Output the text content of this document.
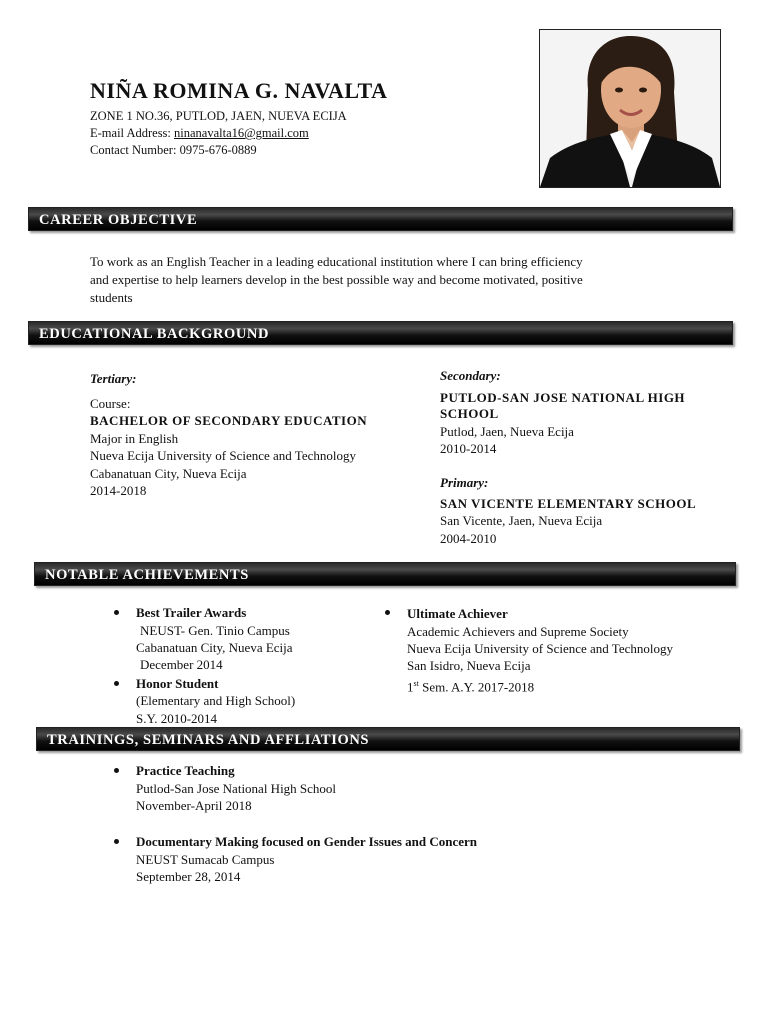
NIÑA ROMINA G. NAVALTA
ZONE 1 NO.36, PUTLOD, JAEN, NUEVA ECIJA
E-mail Address: ninanavalta16@gmail.com
Contact Number: 0975-676-0889
CAREER OBJECTIVE
To work as an English Teacher in a leading educational institution where I can bring efficiency
and expertise to help learners develop in the best possible way and become motivated, positive
students
EDUCATIONAL BACKGROUND
Tertiary:
Course:
BACHELOR OF SECONDARY EDUCATION
Major in English
Nueva Ecija University of Science and Technology
Cabanatuan City, Nueva Ecija
2014-2018
Secondary:
PUTLOD-SAN JOSE NATIONAL HIGH
SCHOOL
Putlod, Jaen, Nueva Ecija
2010-2014
Primary:
SAN VICENTE ELEMENTARY SCHOOL
San Vicente, Jaen, Nueva Ecija
2004-2010
NOTABLE ACHIEVEMENTS
Best Trailer Awards
NEUST- Gen. Tinio Campus
Cabanatuan City, Nueva Ecija
December 2014
Honor Student
(Elementary and High School)
S.Y. 2010-2014
Ultimate Achiever
Academic Achievers and Supreme Society
Nueva Ecija University of Science and Technology
San Isidro, Nueva Ecija
1st Sem. A.Y. 2017-2018
TRAININGS, SEMINARS AND AFFLIATIONS
Practice Teaching
Putlod-San Jose National High School
November-April 2018
Documentary Making focused on Gender Issues and Concern
NEUST Sumacab Campus
September 28, 2014
